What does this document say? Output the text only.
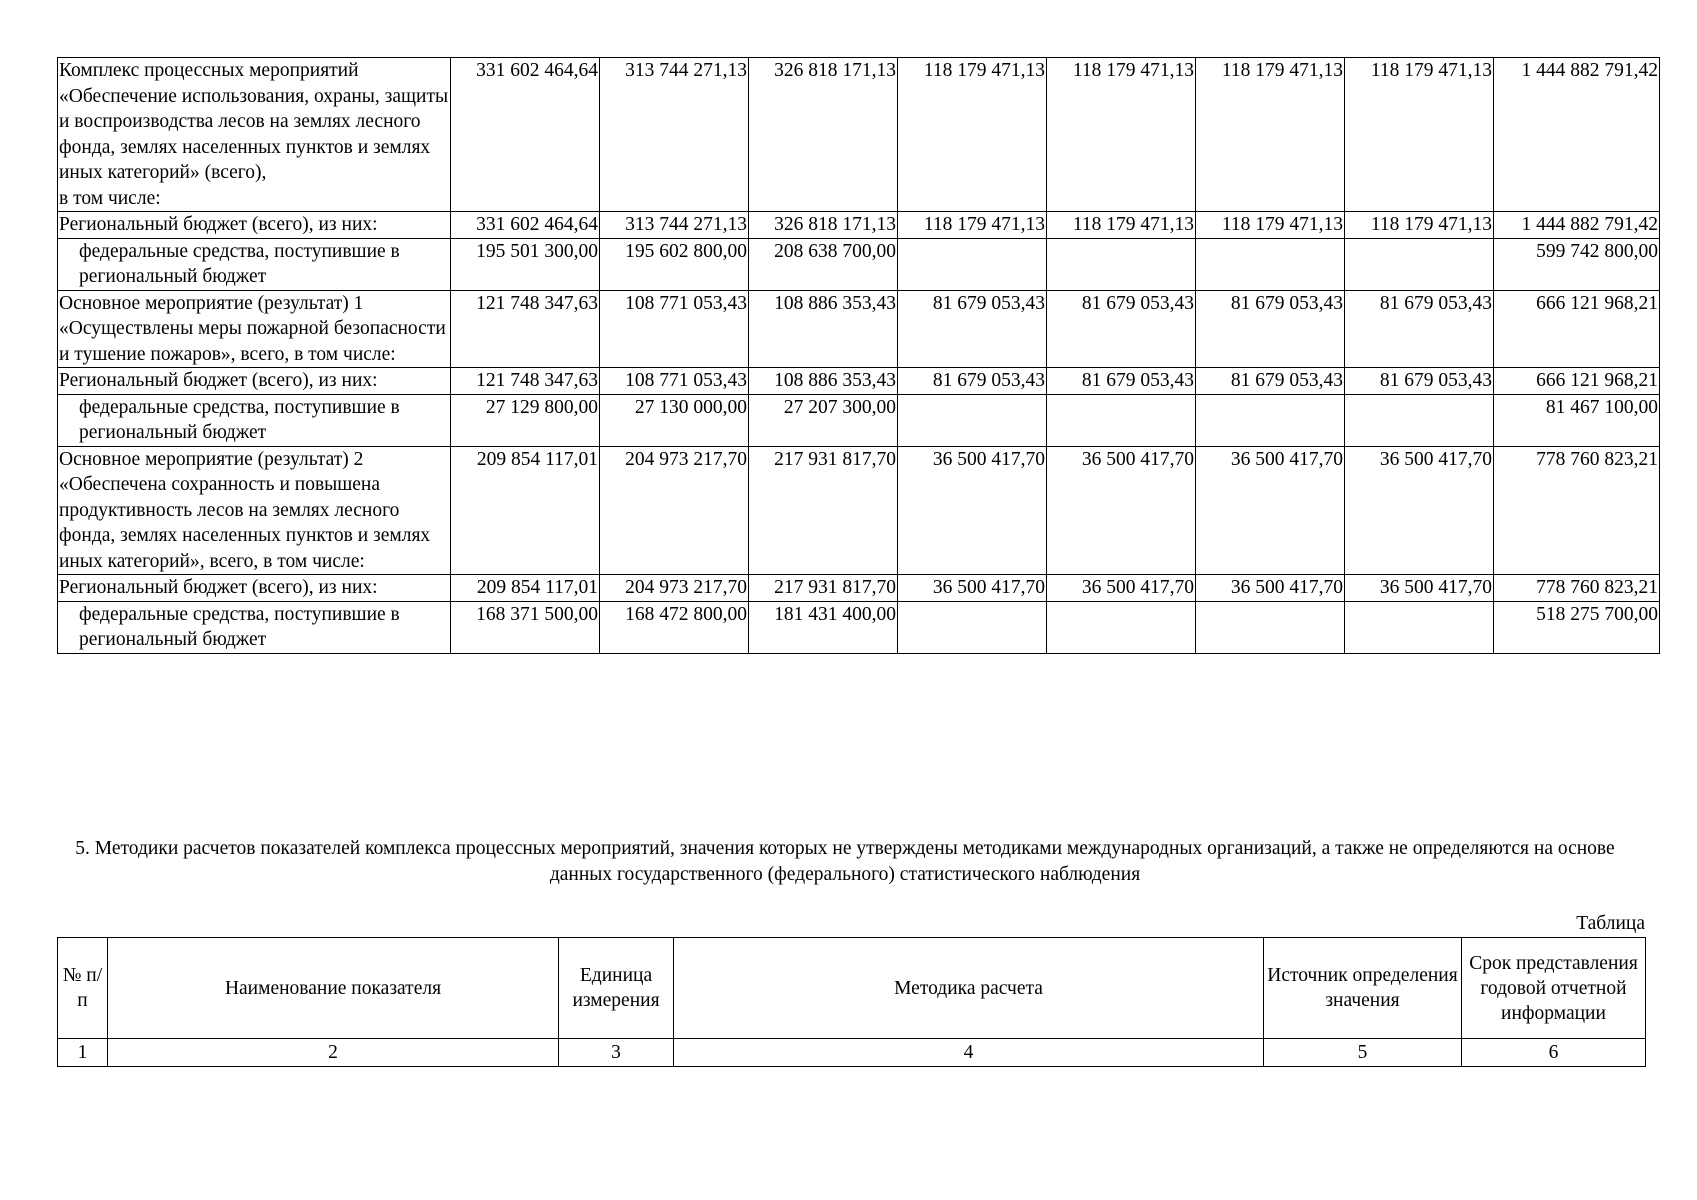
Комплекс процессных мероприятий «Обеспечение использования, охраны, защиты и воспроизводства лесов на землях лесного фонда, землях населенных пунктов и землях иных категорий» (всего),
в том числе:	331 602 464,64	313 744 271,13	326 818 171,13	118 179 471,13	118 179 471,13	118 179 471,13	118 179 471,13	1 444 882 791,42
Региональный бюджет (всего), из них:	331 602 464,64	313 744 271,13	326 818 171,13	118 179 471,13	118 179 471,13	118 179 471,13	118 179 471,13	1 444 882 791,42
федеральные средства, поступившие в региональный бюджет	195 501 300,00	195 602 800,00	208 638 700,00					599 742 800,00
Основное мероприятие (результат) 1 «Осуществлены меры пожарной безопасности и тушение пожаров», всего, в том числе:	121 748 347,63	108 771 053,43	108 886 353,43	81 679 053,43	81 679 053,43	81 679 053,43	81 679 053,43	666 121 968,21
Региональный бюджет (всего), из них:	121 748 347,63	108 771 053,43	108 886 353,43	81 679 053,43	81 679 053,43	81 679 053,43	81 679 053,43	666 121 968,21
федеральные средства, поступившие в региональный бюджет	27 129 800,00	27 130 000,00	27 207 300,00					81 467 100,00
Основное мероприятие (результат) 2 «Обеспечена сохранность и повышена продуктивность лесов на землях лесного фонда, землях населенных пунктов и землях иных категорий», всего, в том числе:	209 854 117,01	204 973 217,70	217 931 817,70	36 500 417,70	36 500 417,70	36 500 417,70	36 500 417,70	778 760 823,21
Региональный бюджет (всего), из них:	209 854 117,01	204 973 217,70	217 931 817,70	36 500 417,70	36 500 417,70	36 500 417,70	36 500 417,70	778 760 823,21
федеральные средства, поступившие в региональный бюджет	168 371 500,00	168 472 800,00	181 431 400,00					518 275 700,00
5. Методики расчетов показателей комплекса процессных мероприятий, значения которых не утверждены методиками международных организаций, а также не определяются на основе данных государственного (федерального) статистического наблюдения
Таблица
№ п/п	Наименование показателя	Единица измерения	Методика расчета	Источник определения значения	Срок представления годовой отчетной информации
1	2	3	4	5	6
